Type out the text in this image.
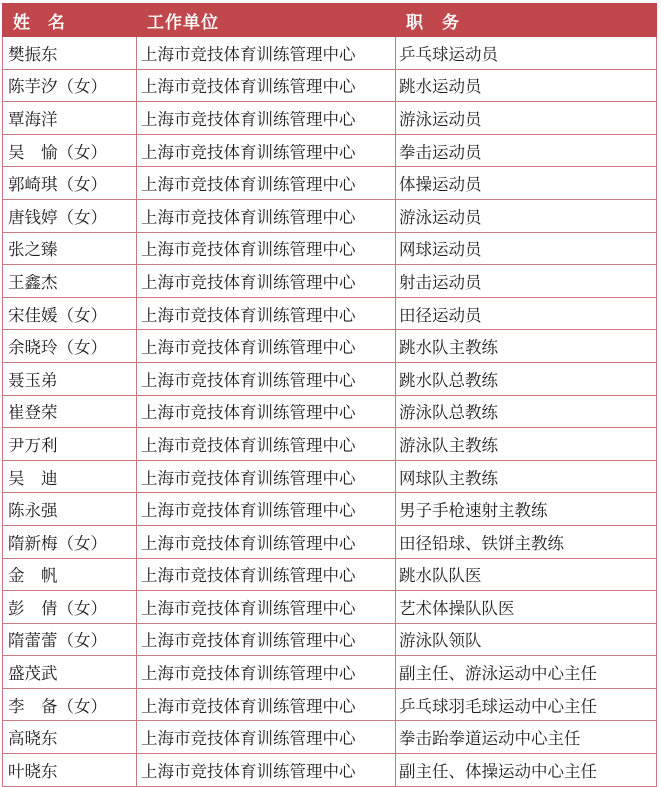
姓 名	工作单位	职　务
樊振东	上海市竞技体育训练管理中心	乒乓球运动员
陈芋汐（女）	上海市竞技体育训练管理中心	跳水运动员
覃海洋	上海市竞技体育训练管理中心	游泳运动员
吴　愉（女）	上海市竞技体育训练管理中心	拳击运动员
郭崎琪（女）	上海市竞技体育训练管理中心	体操运动员
唐钱婷（女）	上海市竞技体育训练管理中心	游泳运动员
张之臻	上海市竞技体育训练管理中心	网球运动员
王鑫杰	上海市竞技体育训练管理中心	射击运动员
宋佳媛（女）	上海市竞技体育训练管理中心	田径运动员
余晓玲（女）	上海市竞技体育训练管理中心	跳水队主教练
聂玉弟	上海市竞技体育训练管理中心	跳水队总教练
崔登荣	上海市竞技体育训练管理中心	游泳队总教练
尹万利	上海市竞技体育训练管理中心	游泳队主教练
吴　迪	上海市竞技体育训练管理中心	网球队主教练
陈永强	上海市竞技体育训练管理中心	男子手枪速射主教练
隋新梅（女）	上海市竞技体育训练管理中心	田径铅球、铁饼主教练
金　帆	上海市竞技体育训练管理中心	跳水队队医
彭　倩（女）	上海市竞技体育训练管理中心	艺术体操队队医
隋蕾蕾（女）	上海市竞技体育训练管理中心	游泳队领队
盛茂武	上海市竞技体育训练管理中心	副主任、游泳运动中心主任
李　备（女）	上海市竞技体育训练管理中心	乒乓球羽毛球运动中心主任
高晓东	上海市竞技体育训练管理中心	拳击跆拳道运动中心主任
叶晓东	上海市竞技体育训练管理中心	副主任、体操运动中心主任
